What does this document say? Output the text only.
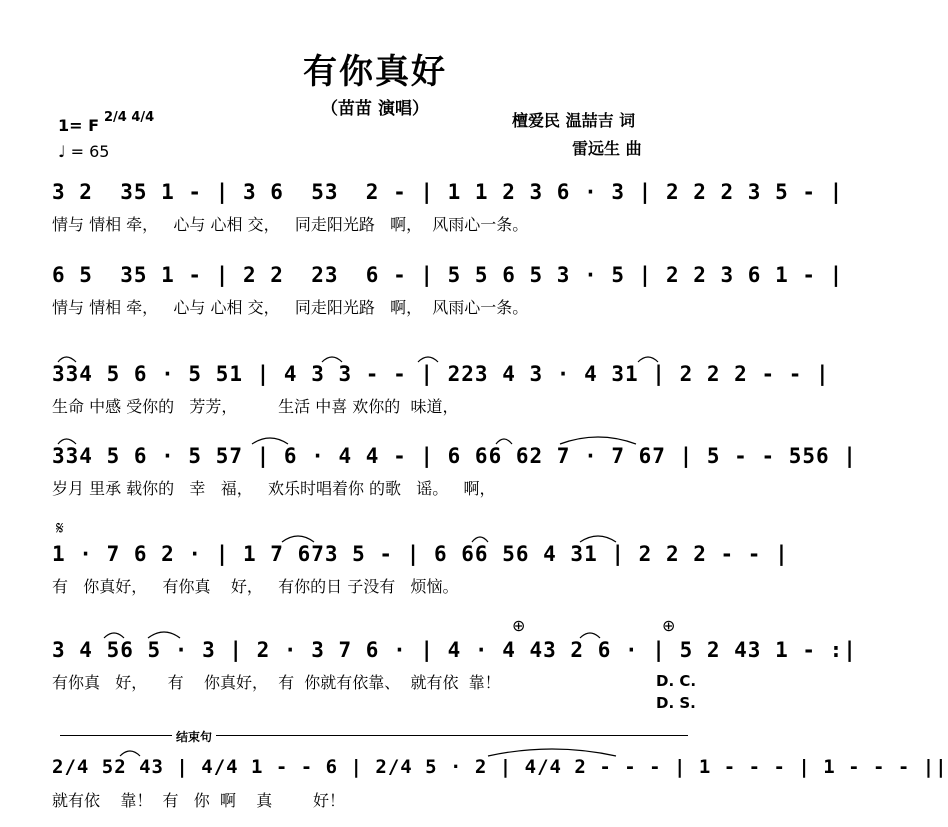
有你真好
（苗苗 演唱）
1= F 2/4 4/4
♩ = 65
檀爱民 温喆吉 词
雷远生 曲
3 2  35 1 - | 3 6  53  2 - | 1 1 2 3 6 · 3 | 2 2 2 3 5 - |
情与 情相 牵，   心与 心相 交，   同走阳光路   啊，  风雨心一条。
6 5  35 1 - | 2 2  23  6 - | 5 5 6 5 3 · 5 | 2 2 3 6 1 - |
情与 情相 牵，   心与 心相 交，   同走阳光路   啊，  风雨心一条。
334 5 6 · 5 51 | 4 3 3 - - | 223 4 3 · 4 31 | 2 2 2 - - |
生命 中感 受你的   芳芳，        生活 中喜 欢你的  味道，
334 5 6 · 5 57 | 6 · 4 4 - | 6 66 62 7 · 7 67 | 5 - - 556 |
岁月 里承 载你的   幸   福，   欢乐时唱着你 的歌   谣。   啊，
𝄋
1 · 7 6 2 · | 1 7 673 5 - | 6 66 56 4 31 | 2 2 2 - - |
有   你真好，   有你真    好，   有你的日 子没有   烦恼。
⊕	⊕
3 4 56 5 · 3 | 2 · 3 7 6 · | 4 · 4 43 2 6 · | 5 2 43 1 - :|
有你真   好，    有    你真好，  有  你就有依靠、  就有依  靠！	D. C.
D. S.
结束句
2/4 52 43 | 4/4 1 - - 6 | 2/4 5 · 2 | 4/4 2 - - - | 1 - - - | 1 - - - ||
就有依    靠！  有   你  啊    真        好！
